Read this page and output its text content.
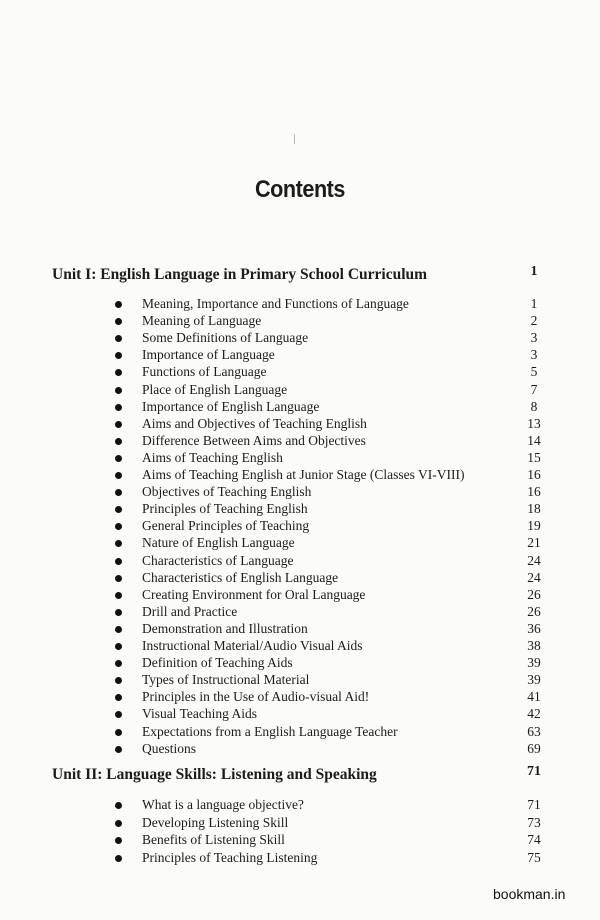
Contents
Unit I: English Language in Primary School Curriculum	1
Meaning, Importance and Functions of Language	1
Meaning of Language	2
Some Definitions of Language	3
Importance of Language	3
Functions of Language	5
Place of English Language	7
Importance of English Language	8
Aims and Objectives of Teaching English	13
Difference Between Aims and Objectives	14
Aims of Teaching English	15
Aims of Teaching English at Junior Stage (Classes VI-VIII)	16
Objectives of Teaching English	16
Principles of Teaching English	18
General Principles of Teaching	19
Nature of English Language	21
Characteristics of Language	24
Characteristics of English Language	24
Creating Environment for Oral Language	26
Drill and Practice	26
Demonstration and Illustration	36
Instructional Material/Audio Visual Aids	38
Definition of Teaching Aids	39
Types of Instructional Material	39
Principles in the Use of Audio-visual Aid!	41
Visual Teaching Aids	42
Expectations from a English Language Teacher	63
Questions	69
Unit II: Language Skills: Listening and Speaking	71
What is a language objective?	71
Developing Listening Skill	73
Benefits of Listening Skill	74
Principles of Teaching Listening	75
bookman.in
